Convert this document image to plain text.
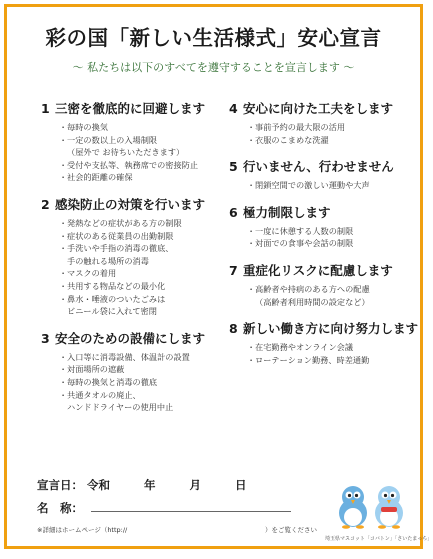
彩の国「新しい生活様式」安心宣言
～ 私たちは以下のすべてを遵守することを宣言します ～
1 三密を徹底的に回避します
・毎時の換気
・一定の数以上の入場制限
（屋外で お待ちいただきます）
・受付や支払等、執務席での密接防止
・社会的距離の確保
2 感染防止の対策を行います
・発熱などの症状がある方の制限
・症状のある従業員の出勤制限
・手洗いや手指の消毒の徹底、
手の触れる場所の消毒
・マスクの着用
・共用する物品などの最小化
・鼻水・唾液のついたごみは
ビニール袋に入れて密閉
3 安全のための設備にします
・入口等に消毒設備、体温計の設置
・対面場所の遮蔽
・毎時の換気と消毒の徹底
・共通タオルの廃止、
ハンドドライヤーの使用中止
4 安心に向けた工夫をします
・事前予約の最大限の活用
・衣服のこまめな洗濯
5 行いません、行わせません
・閉鎖空間での激しい運動や大声
6 極力制限します
・一度に休憩する人数の制限
・対面での食事や会話の制限
7 重症化リスクに配慮します
・高齢者や持病のある方への配慮
（高齢者利用時間の設定など）
8 新しい働き方に向け努力します
・在宅勤務やオンライン会議
・ローテーション勤務、時差通勤
宣言日： 令和	年	月	日
名　称：
※詳細はホームページ（http://	）をご覧ください
埼玉県マスコット「コバトン」「さいたまっち」
